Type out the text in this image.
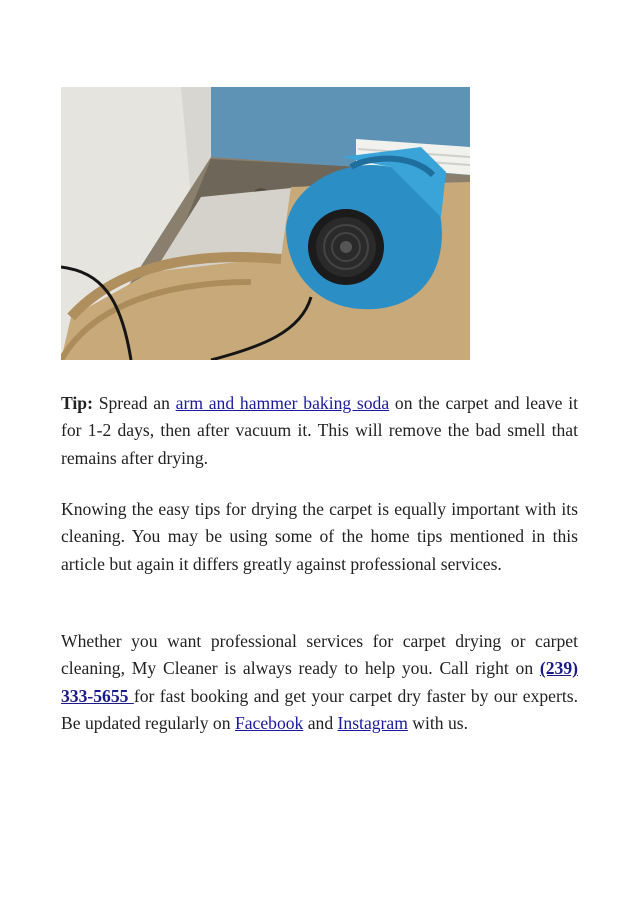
Tip: Spread an arm and hammer baking soda on the carpet and leave it for 1-2 days, then after vacuum it. This will remove the bad smell that remains after drying.

Knowing the easy tips for drying the carpet is equally important with its cleaning. You may be using some of the home tips mentioned in this article but again it differs greatly against professional services.

Whether you want professional services for carpet drying or carpet cleaning, My Cleaner is always ready to help you. Call right on (239) 333-5655 for fast booking and get your carpet dry faster by our experts. Be updated regularly on Facebook and Instagram with us.
